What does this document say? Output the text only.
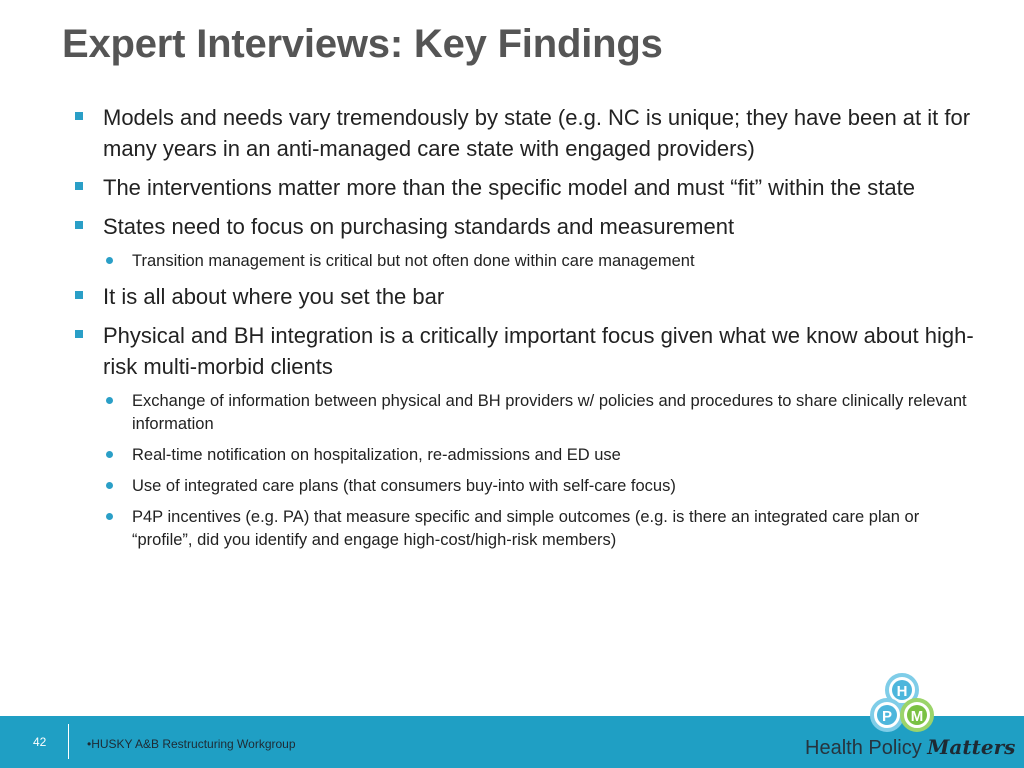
Expert Interviews: Key Findings
Models and needs vary tremendously by state (e.g. NC is unique; they have been at it for many years in an anti-managed care state with engaged providers)
The interventions matter more than the specific model and must “fit” within the state
States need to focus on purchasing standards and measurement
Transition management is critical but not often done within care management
It is all about where you set the bar
Physical and BH integration is a critically important focus given what we know about high-risk multi-morbid clients
Exchange of information between physical and BH providers w/ policies and procedures to share clinically relevant information
Real-time notification on hospitalization, re-admissions and ED use
Use of integrated care plans (that consumers buy-into with self-care focus)
P4P incentives (e.g. PA) that measure specific and simple outcomes (e.g. is there an integrated care plan or “profile”, did you identify and engage high-cost/high-risk members)
42	•HUSKY A&B Restructuring Workgroup
H
P M
Health Policy Matters
